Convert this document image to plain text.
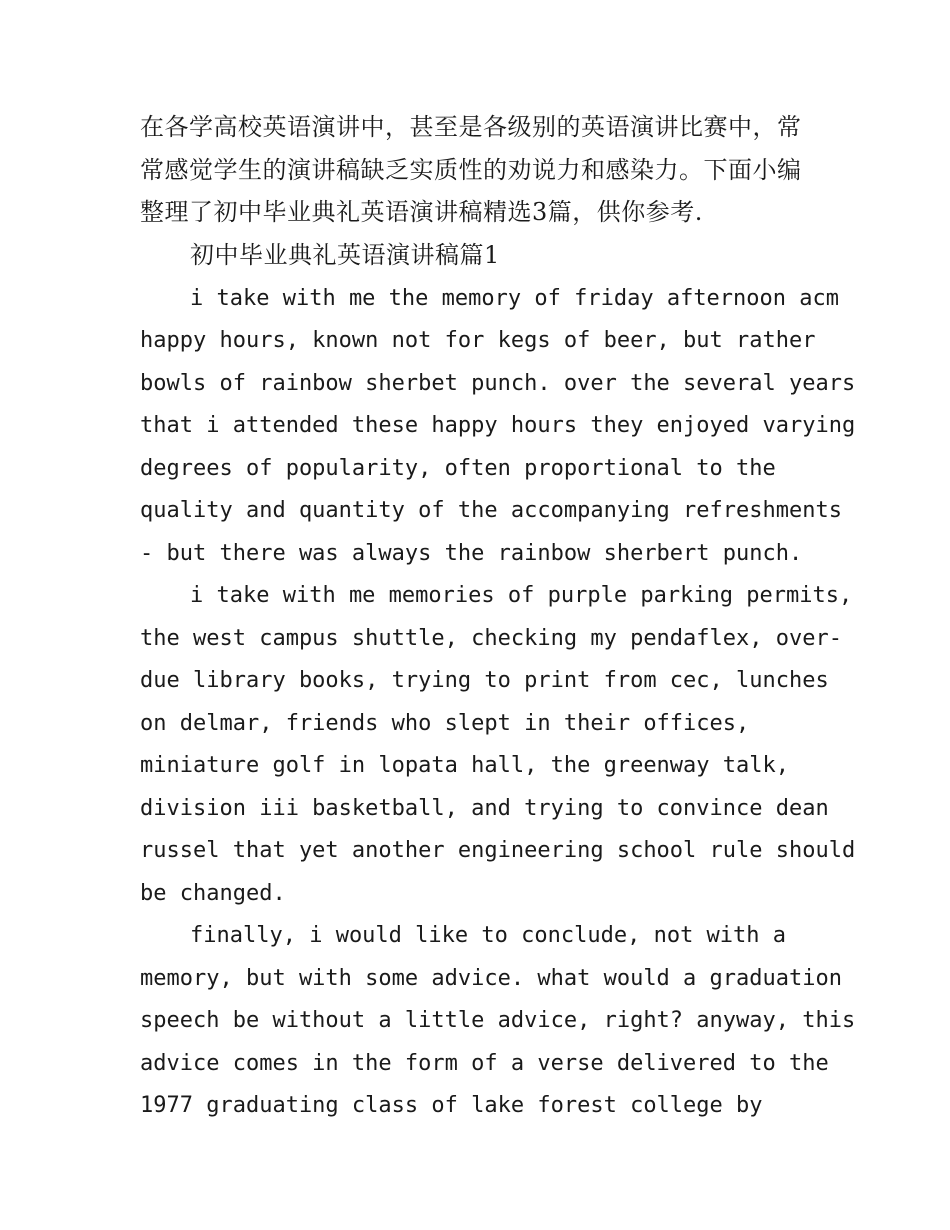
在各学高校英语演讲中，甚至是各级别的英语演讲比赛中，常
常感觉学生的演讲稿缺乏实质性的劝说力和感染力。下面小编
整理了初中毕业典礼英语演讲稿精选3篇，供你参考.
初中毕业典礼英语演讲稿篇1
i take with me the memory of friday afternoon acm
happy hours, known not for kegs of beer, but rather
bowls of rainbow sherbet punch. over the several years
that i attended these happy hours they enjoyed varying
degrees of popularity, often proportional to the
quality and quantity of the accompanying refreshments
- but there was always the rainbow sherbert punch.
i take with me memories of purple parking permits,
the west campus shuttle, checking my pendaflex, over-
due library books, trying to print from cec, lunches
on delmar, friends who slept in their offices,
miniature golf in lopata hall, the greenway talk,
division iii basketball, and trying to convince dean
russel that yet another engineering school rule should
be changed.
finally, i would like to conclude, not with a
memory, but with some advice. what would a graduation
speech be without a little advice, right? anyway, this
advice comes in the form of a verse delivered to the
1977 graduating class of lake forest college by
